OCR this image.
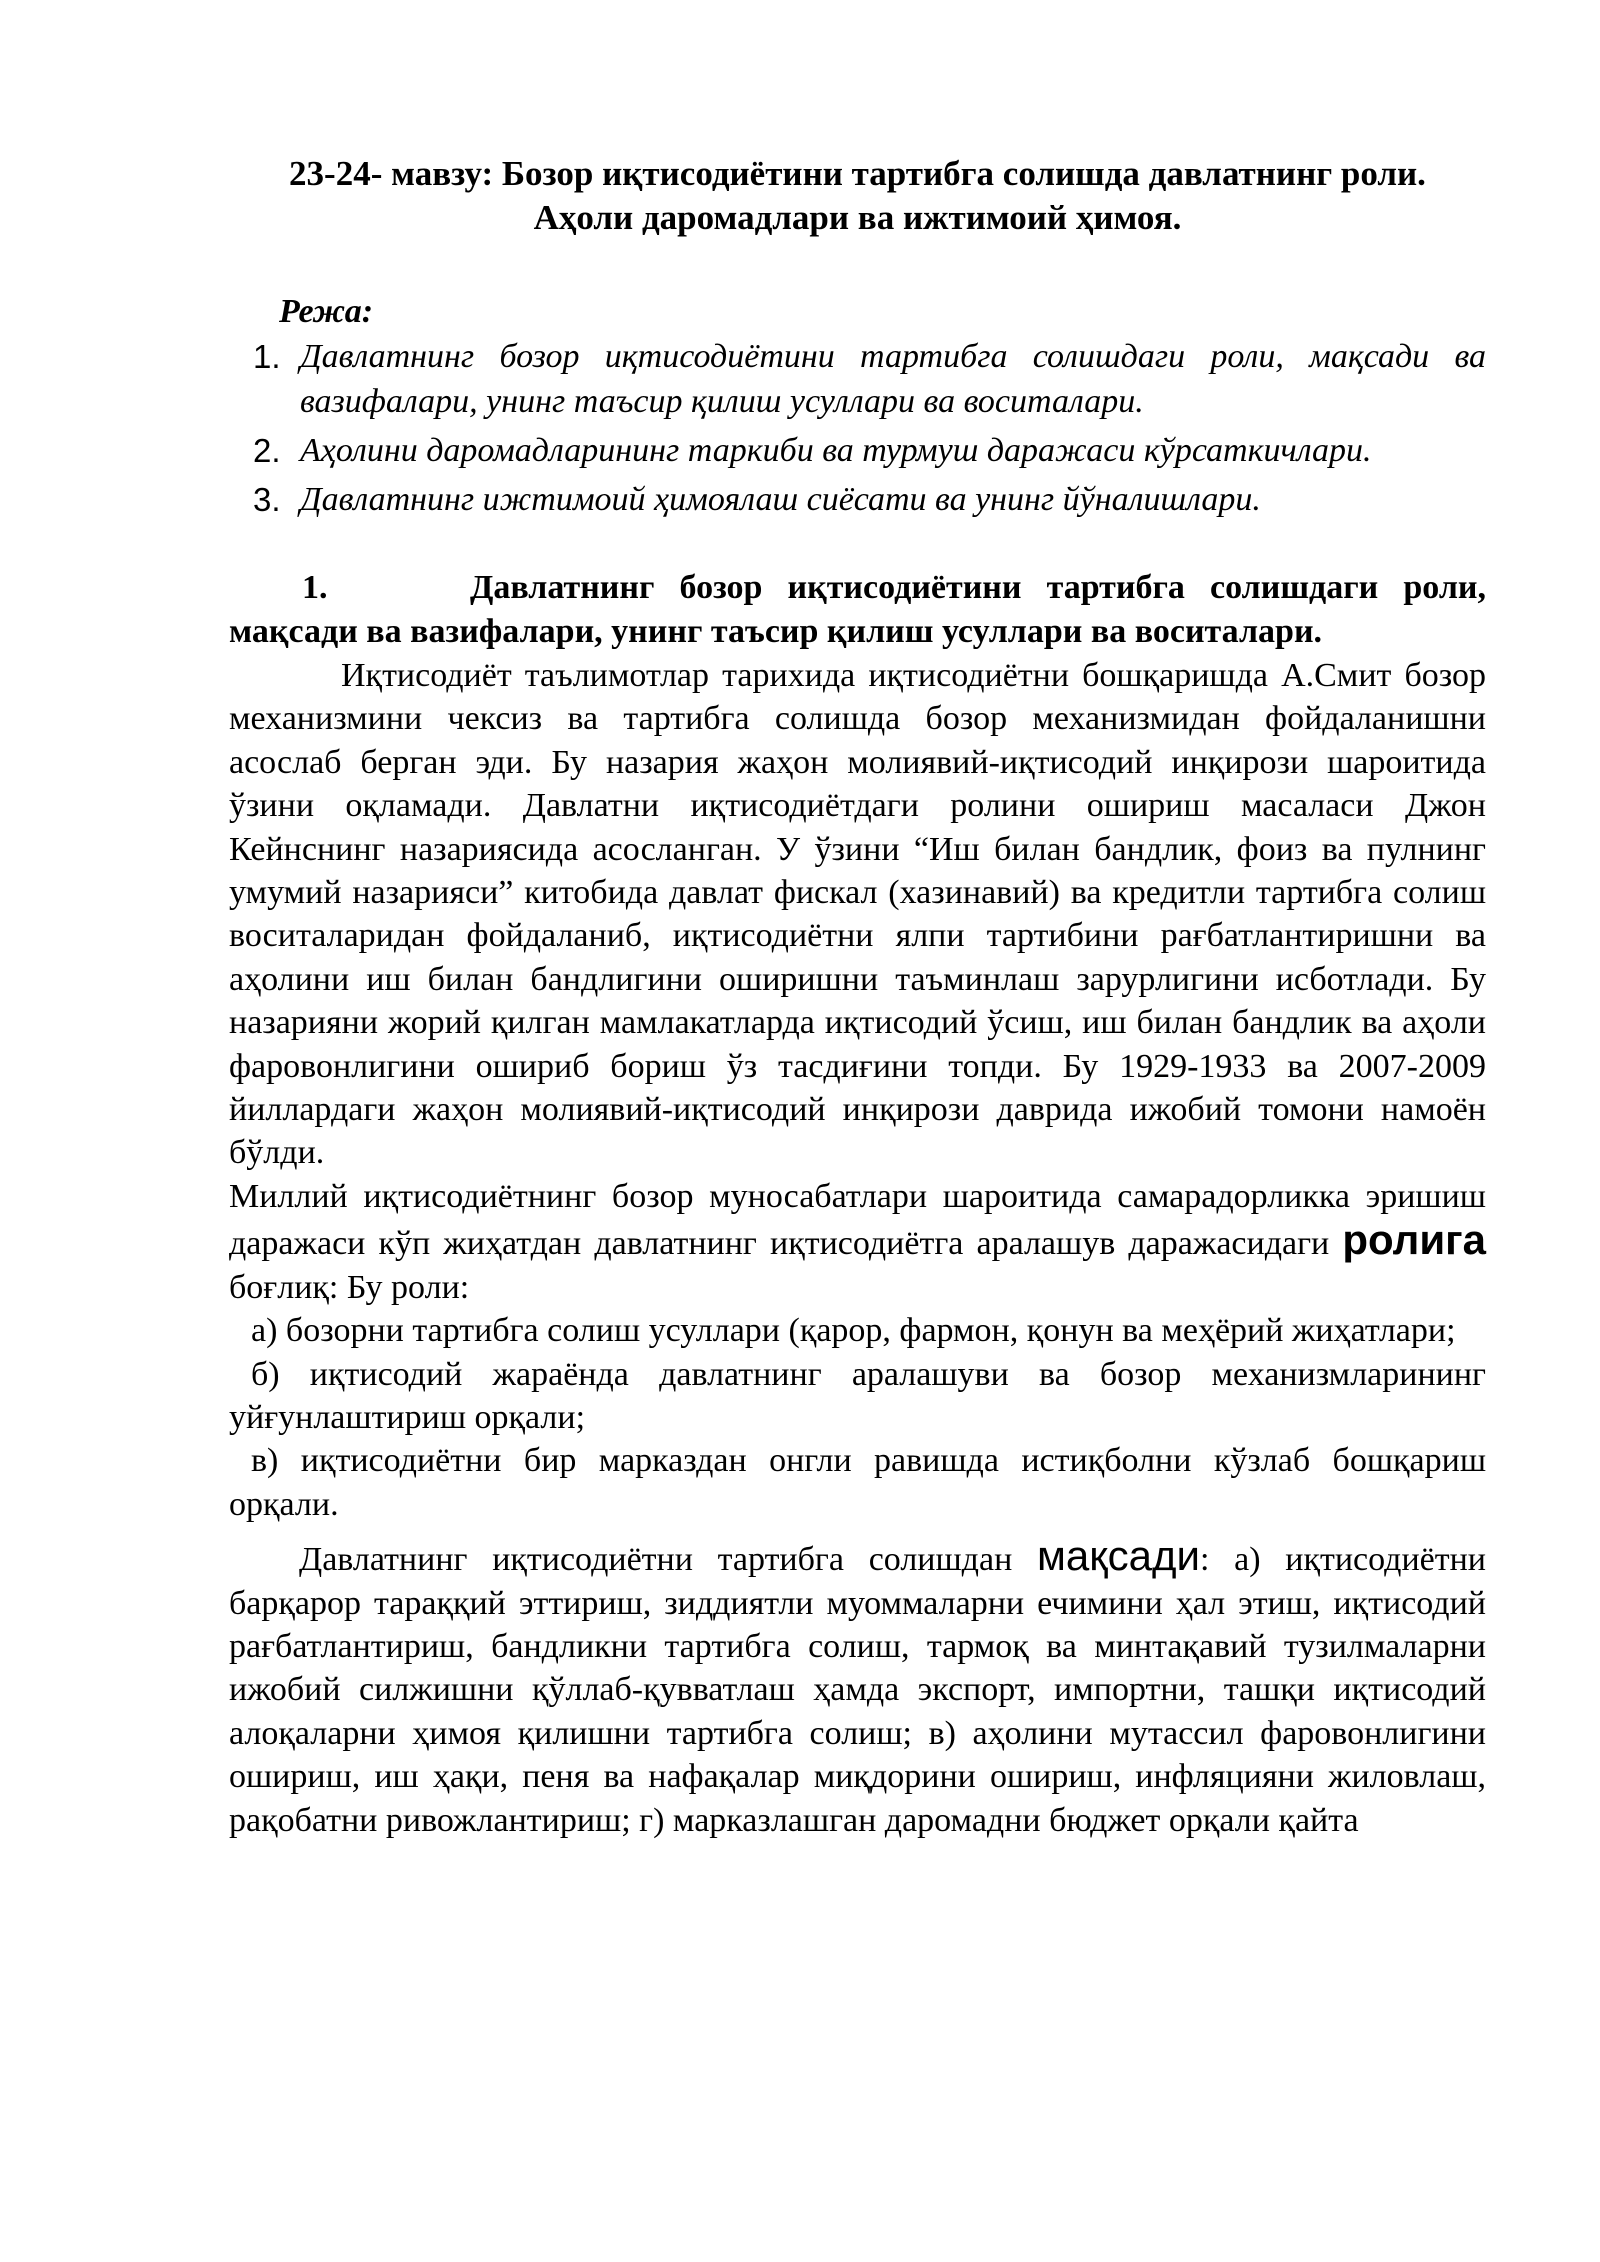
23-24- мавзу: Бозор иқтисодиётини тартибга солишда давлатнинг роли.

Аҳоли даромадлари ва ижтимоий ҳимоя.

Режа:

1. Давлатнинг бозор иқтисодиётини тартибга солишдаги роли, мақсади ва вазифалари, унинг таъсир қилиш усуллари ва воситалари.
2. Аҳолини даромадларининг таркиби ва турмуш даражаси кўрсаткичлари.
3. Давлатнинг ижтимоий ҳимоялаш сиёсати ва унинг йўналишлари.

1.	Давлатнинг бозор иқтисодиётини тартибга солишдаги роли, мақсади ва вазифалари, унинг таъсир қилиш усуллари ва воситалари.

Иқтисодиёт таълимотлар тарихида иқтисодиётни бошқаришда А.Смит бозор механизмини чексиз ва тартибга солишда бозор механизмидан фойдаланишни асослаб берган эди. Бу назария жаҳон молиявий-иқтисодий инқирози шароитида ўзини оқламади. Давлатни иқтисодиётдаги ролини ошириш масаласи Джон Кейнснинг назариясида асосланган. У ўзини “Иш билан бандлик, фоиз ва пулнинг умумий назарияси” китобида давлат фискал (хазинавий) ва кредитли тартибга солиш воситаларидан фойдаланиб, иқтисодиётни ялпи тартибини рағбатлантиришни ва аҳолини иш билан бандлигини оширишни таъминлаш зарурлигини исботлади. Бу назарияни жорий қилган мамлакатларда иқтисодий ўсиш, иш билан бандлик ва аҳоли фаровонлигини ошириб бориш ўз тасдиғини топди. Бу 1929-1933 ва 2007-2009 йиллардаги жаҳон молиявий-иқтисодий инқирози даврида ижобий томони намоён бўлди.

Миллий иқтисодиётнинг бозор муносабатлари шароитида самарадорликка эришиш даражаси кўп жиҳатдан давлатнинг иқтисодиётга аралашув даражасидаги ролига боғлиқ: Бу роли:

а) бозорни тартибга солиш усуллари (қарор, фармон, қонун ва меҳёрий жиҳатлари;

б) иқтисодий жараёнда давлатнинг аралашуви ва бозор механизмларининг уйғунлаштириш орқали;

в) иқтисодиётни бир марказдан онгли равишда истиқболни кўзлаб бошқариш орқали.

Давлатнинг иқтисодиётни тартибга солишдан мақсади: а) иқтисодиётни барқарор тараққий эттириш, зиддиятли муоммаларни ечимини ҳал этиш, иқтисодий рағбатлантириш, бандликни тартибга солиш, тармоқ ва минтақавий тузилмаларни ижобий силжишни қўллаб-қувватлаш ҳамда экспорт, импортни, ташқи иқтисодий алоқаларни ҳимоя қилишни тартибга солиш; в) аҳолини мутассил фаровонлигини ошириш, иш ҳақи, пеня ва нафақалар миқдорини ошириш, инфляцияни жиловлаш, рақобатни ривожлантириш; г) марказлашган даромадни бюджет орқали қайта
